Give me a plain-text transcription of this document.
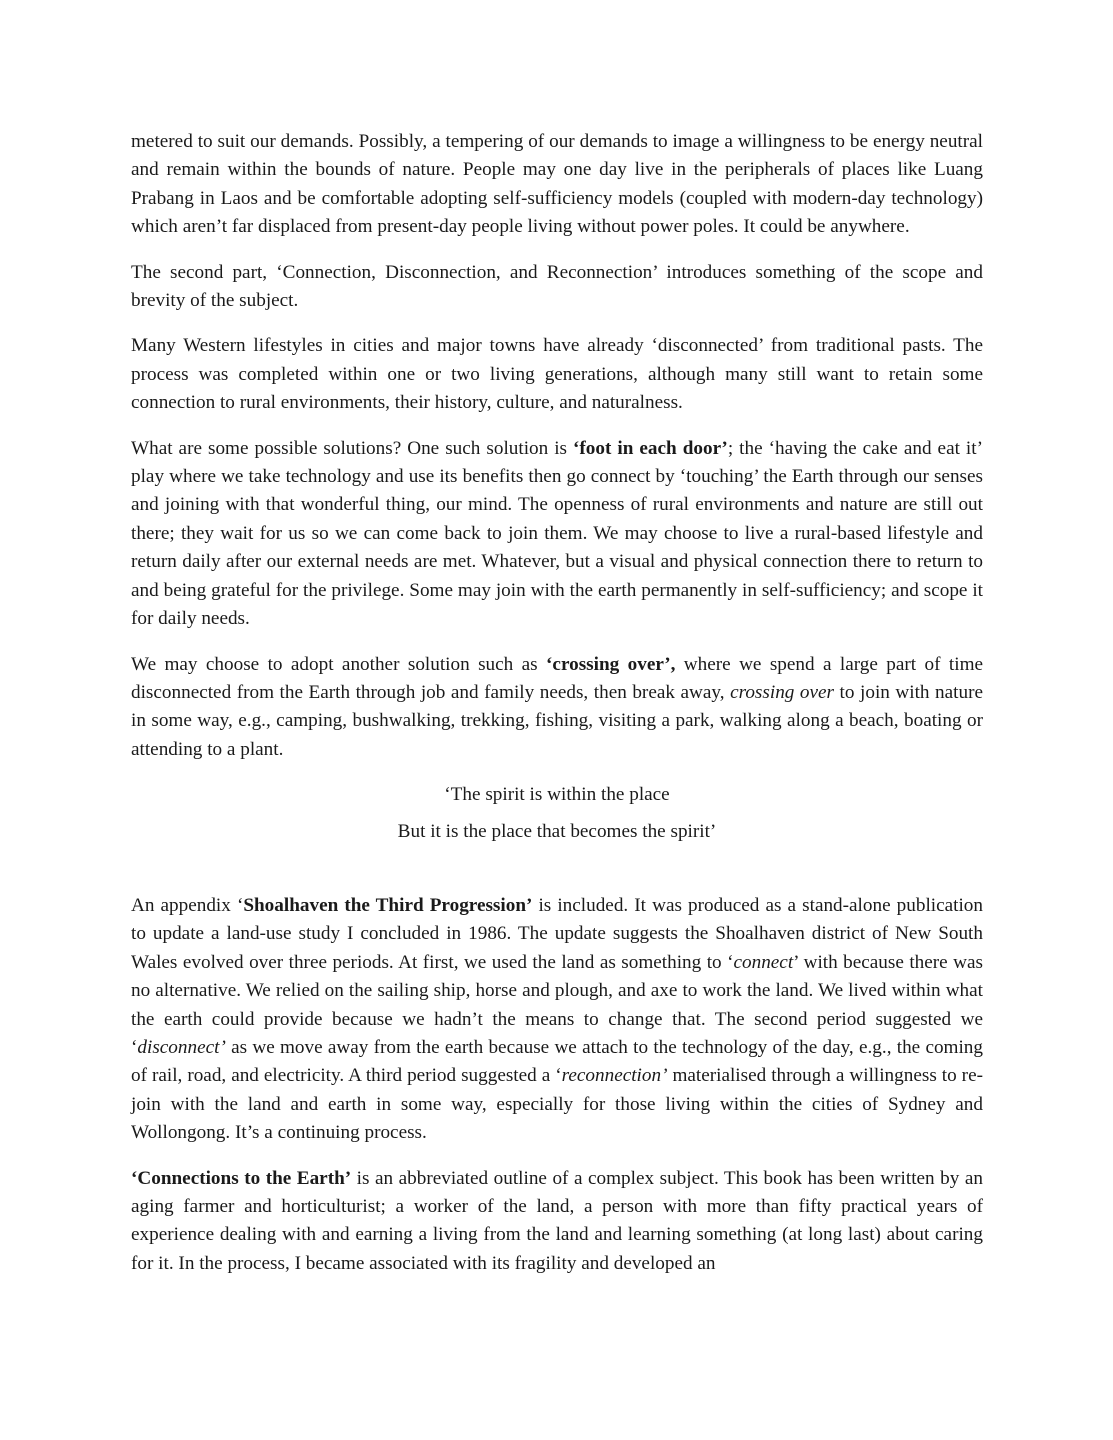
metered to suit our demands. Possibly, a tempering of our demands to image a willingness to be energy neutral and remain within the bounds of nature. People may one day live in the peripherals of places like Luang Prabang in Laos and be comfortable adopting self-sufficiency models (coupled with modern-day technology) which aren’t far displaced from present-day people living without power poles. It could be anywhere.

The second part, ‘Connection, Disconnection, and Reconnection’ introduces something of the scope and brevity of the subject.

Many Western lifestyles in cities and major towns have already ‘disconnected’ from traditional pasts. The process was completed within one or two living generations, although many still want to retain some connection to rural environments, their history, culture, and naturalness.

What are some possible solutions? One such solution is ‘foot in each door’; the ‘having the cake and eat it’ play where we take technology and use its benefits then go connect by ‘touching’ the Earth through our senses and joining with that wonderful thing, our mind. The openness of rural environments and nature are still out there; they wait for us so we can come back to join them. We may choose to live a rural-based lifestyle and return daily after our external needs are met. Whatever, but a visual and physical connection there to return to and being grateful for the privilege. Some may join with the earth permanently in self-sufficiency; and scope it for daily needs.

We may choose to adopt another solution such as ‘crossing over’, where we spend a large part of time disconnected from the Earth through job and family needs, then break away, crossing over to join with nature in some way, e.g., camping, bushwalking, trekking, fishing, visiting a park, walking along a beach, boating or attending to a plant.

‘The spirit is within the place

But it is the place that becomes the spirit’

An appendix ‘Shoalhaven the Third Progression’ is included. It was produced as a stand-alone publication to update a land-use study I concluded in 1986. The update suggests the Shoalhaven district of New South Wales evolved over three periods. At first, we used the land as something to ‘connect’ with because there was no alternative. We relied on the sailing ship, horse and plough, and axe to work the land. We lived within what the earth could provide because we hadn’t the means to change that. The second period suggested we ‘disconnect’ as we move away from the earth because we attach to the technology of the day, e.g., the coming of rail, road, and electricity. A third period suggested a ‘reconnection’ materialised through a willingness to re-join with the land and earth in some way, especially for those living within the cities of Sydney and Wollongong. It’s a continuing process.

‘Connections to the Earth’ is an abbreviated outline of a complex subject. This book has been written by an aging farmer and horticulturist; a worker of the land, a person with more than fifty practical years of experience dealing with and earning a living from the land and learning something (at long last) about caring for it. In the process, I became associated with its fragility and developed an
